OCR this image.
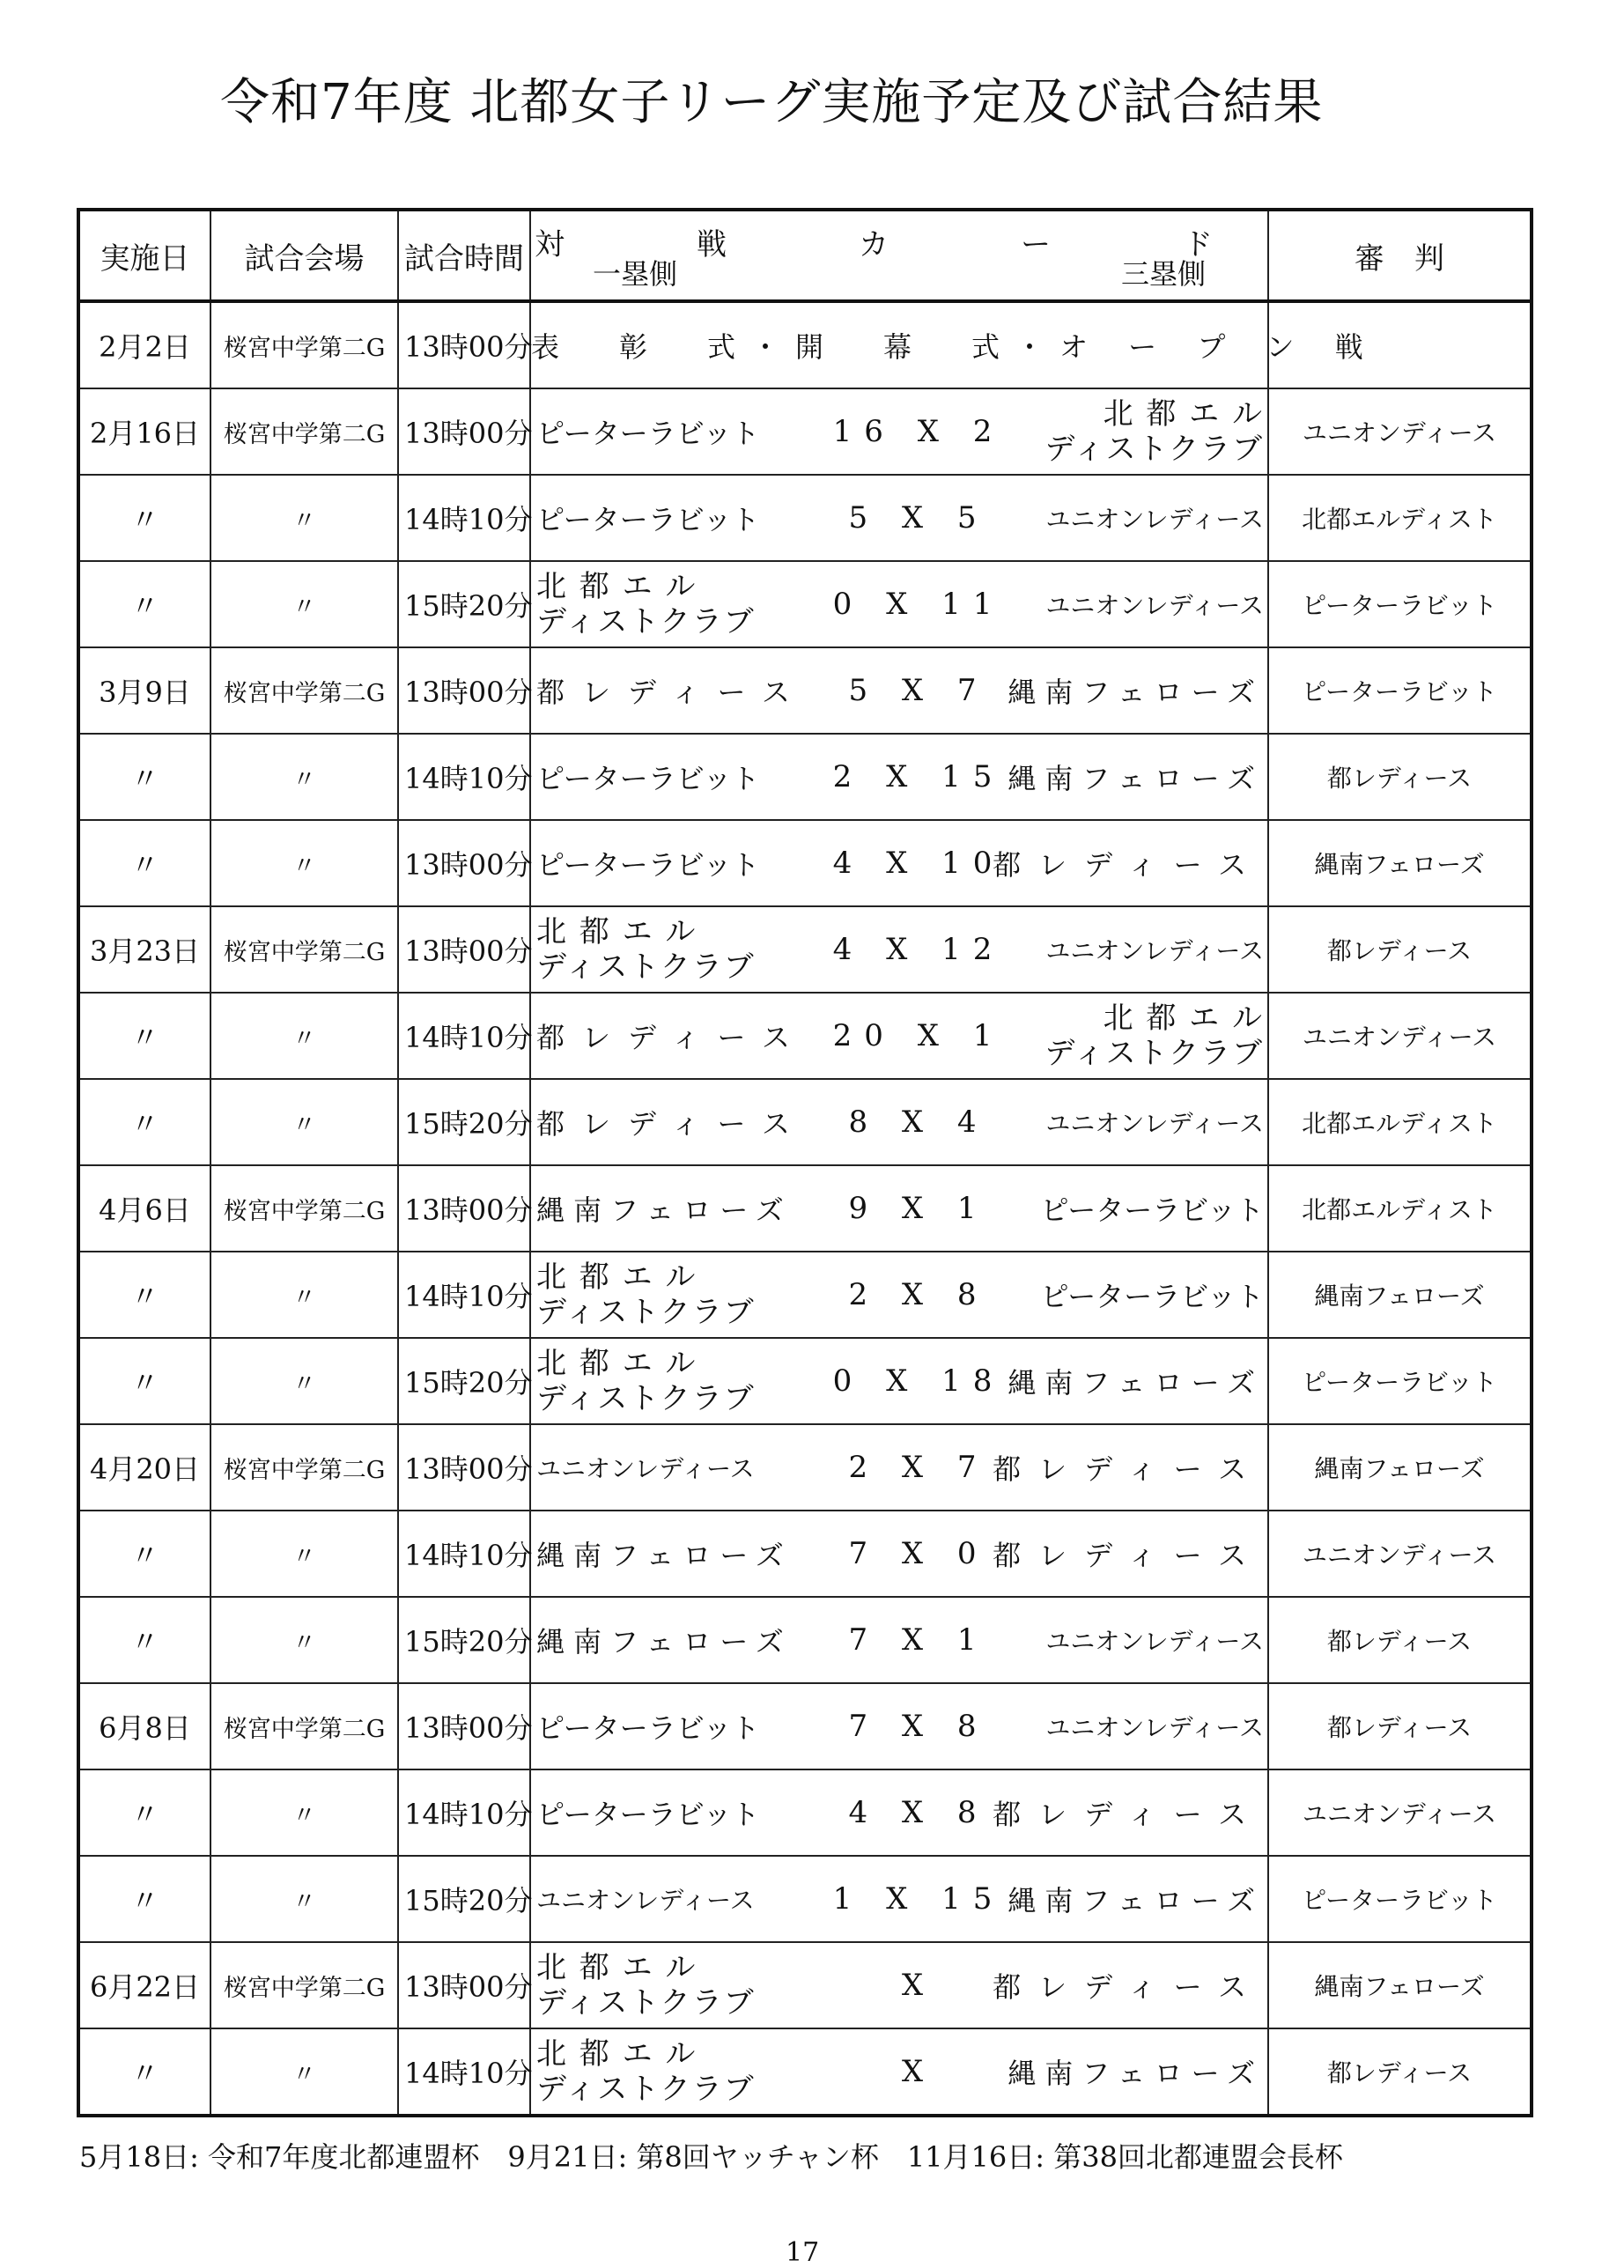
令和7年度 北都女子リーグ実施予定及び試合結果
実施日	試合会場	試合時間	対　戦　カ　ー　ド
一塁側 三塁側	審　判
2月2日	桜宮中学第二G	13時00分	表　彰　式・開　幕　式・オ ー プ ン 戦	
2月16日	桜宮中学第二G	13時00分	ピーターラビット 16 X 2 北 都 エ ル
ディストクラブ	ユニオンディース
〃	〃	14時10分	ピーターラビット 5 X 5 ユニオンレディース	北都エルディスト
〃	〃	15時20分	北 都 エ ル
ディストクラブ 0 X 11 ユニオンレディース	ピーターラビット
3月9日	桜宮中学第二G	13時00分	都レディース 5 X 7 縄南フェローズ	ピーターラビット
〃	〃	14時10分	ピーターラビット 2 X 15 縄南フェローズ	都レディース
〃	〃	13時00分	ピーターラビット 4 X 10
都レディース	縄南フェローズ
3月23日	桜宮中学第二G	13時00分	北 都 エ ル
ディストクラブ 4 X 12 ユニオンレディース	都レディース
〃	〃	14時10分	都レディース 20 X 1 北 都 エ ル
ディストクラブ	ユニオンディース
〃	〃	15時20分	都レディース 8 X 4 ユニオンレディース	北都エルディスト
4月6日	桜宮中学第二G	13時00分	縄南フェローズ 9 X 1 ピーターラビット	北都エルディスト
〃	〃	14時10分	北 都 エ ル
ディストクラブ 2 X 8 ピーターラビット	縄南フェローズ
〃	〃	15時20分	北 都 エ ル
ディストクラブ 0 X 18 縄南フェローズ	ピーターラビット
4月20日	桜宮中学第二G	13時00分	ユニオンレディース 2 X 7 都レディース	縄南フェローズ
〃	〃	14時10分	縄南フェローズ 7 X 0 都レディース	ユニオンディース
〃	〃	15時20分	縄南フェローズ 7 X 1 ユニオンレディース	都レディース
6月8日	桜宮中学第二G	13時00分	ピーターラビット 7 X 8 ユニオンレディース	都レディース
〃	〃	14時10分	ピーターラビット 4 X 8 都レディース	ユニオンディース
〃	〃	15時20分	ユニオンレディース 1 X 15 縄南フェローズ	ピーターラビット
6月22日	桜宮中学第二G	13時00分	北 都 エ ル
ディストクラブ X 都レディース	縄南フェローズ
〃	〃	14時10分	北 都 エ ル
ディストクラブ X 縄南フェローズ	都レディース
5月18日: 令和7年度北都連盟杯　9月21日: 第8回ヤッチャン杯　11月16日: 第38回北都連盟会長杯
17
